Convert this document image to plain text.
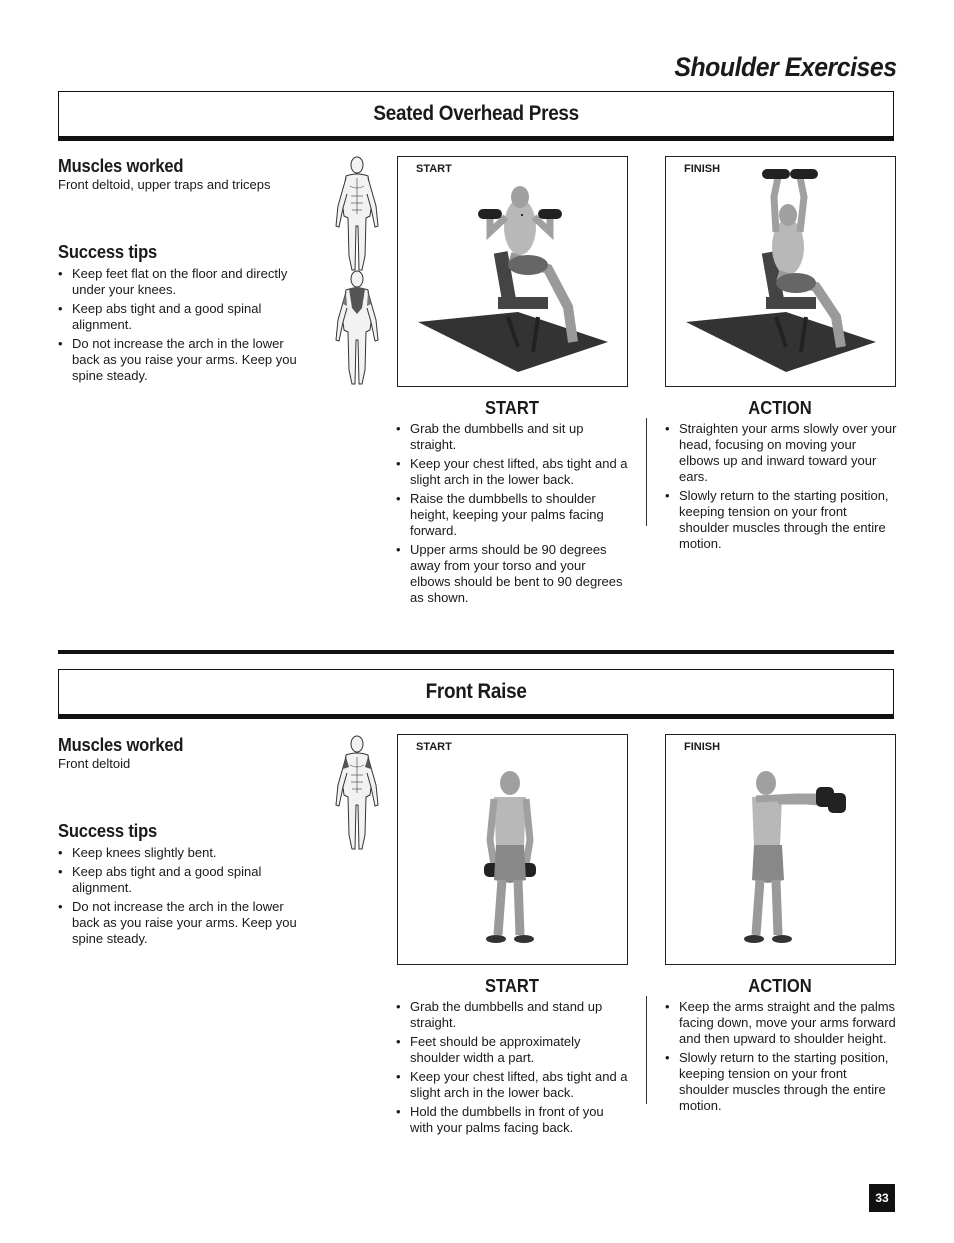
Shoulder Exercises
Seated Overhead Press
Muscles worked
Front deltoid, upper traps and triceps
Success tips
• Keep feet flat on the floor and directly under your knees.
• Keep abs tight and a good spinal alignment.
• Do not increase the arch in the lower back as you raise your arms. Keep you spine steady.
START	FINISH
START
• Grab the dumbbells and sit up straight.
• Keep your chest lifted, abs tight and a slight arch in the lower back.
• Raise the dumbbells to shoulder height, keeping your palms facing forward.
• Upper arms should be 90 degrees away from your torso and your elbows should be bent to 90 degrees as shown.
ACTION
• Straighten your arms slowly over your head, focusing on moving your elbows up and inward toward your ears.
• Slowly return to the starting position, keeping tension on your front shoulder muscles through the entire motion.
Front Raise
Muscles worked
Front deltoid
Success tips
• Keep knees slightly bent.
• Keep abs tight and a good spinal alignment.
• Do not increase the arch in the lower back as you raise your arms. Keep you spine steady.
START	FINISH
START
• Grab the dumbbells and stand up straight.
• Feet should be approximately shoulder width a part.
• Keep your chest lifted, abs tight and a slight arch in the lower back.
• Hold the dumbbells in front of you with your palms facing back.
ACTION
• Keep the arms straight and the palms facing down, move your arms forward and then upward to shoulder height.
• Slowly return to the starting position, keeping tension on your front shoulder muscles through the entire motion.
33
